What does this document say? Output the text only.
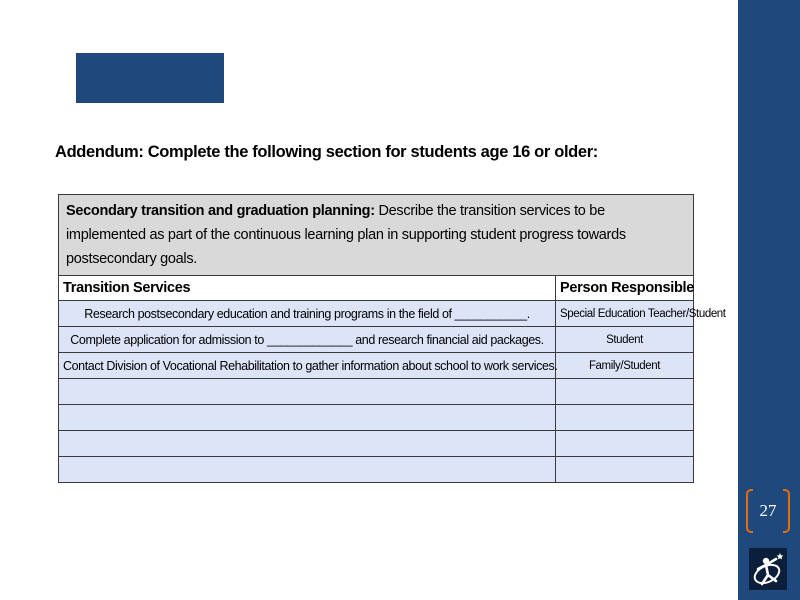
Addendum: Complete the following section for students age 16 or older:
Secondary transition and graduation planning: Describe the transition services to be implemented as part of the continuous learning plan in supporting student progress towards postsecondary goals.	
Transition Services	Person Responsible
Research postsecondary education and training programs in the field of ___________.	Special Education Teacher/Student
Complete application for admission to _____________ and research financial aid packages.	Student
Contact Division of Vocational Rehabilitation to gather information about school to work services.	Family/Student

27
